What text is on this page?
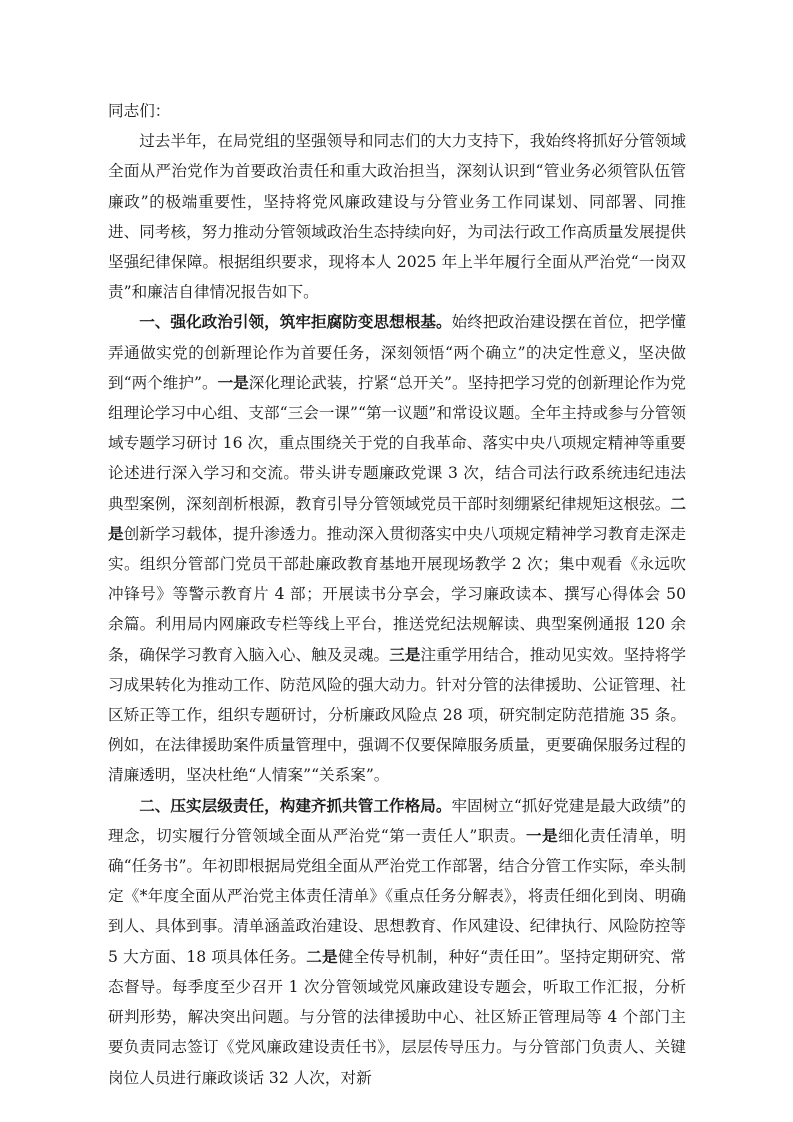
同志们：

过去半年，在局党组的坚强领导和同志们的大力支持下，我始终将抓好分管领域全面从严治党作为首要政治责任和重大政治担当，深刻认识到“管业务必须管队伍管廉政”的极端重要性，坚持将党风廉政建设与分管业务工作同谋划、同部署、同推进、同考核，努力推动分管领域政治生态持续向好，为司法行政工作高质量发展提供坚强纪律保障。根据组织要求，现将本人 2025 年上半年履行全面从严治党“一岗双责”和廉洁自律情况报告如下。

一、强化政治引领，筑牢拒腐防变思想根基。始终把政治建设摆在首位，把学懂弄通做实党的创新理论作为首要任务，深刻领悟“两个确立”的决定性意义，坚决做到“两个维护”。一是深化理论武装，拧紧“总开关”。坚持把学习党的创新理论作为党组理论学习中心组、支部“三会一课”“第一议题”和常设议题。全年主持或参与分管领域专题学习研讨 16 次，重点围绕关于党的自我革命、落实中央八项规定精神等重要论述进行深入学习和交流。带头讲专题廉政党课 3 次，结合司法行政系统违纪违法典型案例，深刻剖析根源，教育引导分管领域党员干部时刻绷紧纪律规矩这根弦。二是创新学习载体，提升渗透力。推动深入贯彻落实中央八项规定精神学习教育走深走实。组织分管部门党员干部赴廉政教育基地开展现场教学 2 次；集中观看《永远吹冲锋号》等警示教育片 4 部；开展读书分享会，学习廉政读本、撰写心得体会 50 余篇。利用局内网廉政专栏等线上平台，推送党纪法规解读、典型案例通报 120 余条，确保学习教育入脑入心、触及灵魂。三是注重学用结合，推动见实效。坚持将学习成果转化为推动工作、防范风险的强大动力。针对分管的法律援助、公证管理、社区矫正等工作，组织专题研讨，分析廉政风险点 28 项，研究制定防范措施 35 条。例如，在法律援助案件质量管理中，强调不仅要保障服务质量，更要确保服务过程的清廉透明，坚决杜绝“人情案”“关系案”。

二、压实层级责任，构建齐抓共管工作格局。牢固树立“抓好党建是最大政绩”的理念，切实履行分管领域全面从严治党“第一责任人”职责。一是细化责任清单，明确“任务书”。年初即根据局党组全面从严治党工作部署，结合分管工作实际，牵头制定《*年度全面从严治党主体责任清单》《重点任务分解表》，将责任细化到岗、明确到人、具体到事。清单涵盖政治建设、思想教育、作风建设、纪律执行、风险防控等 5 大方面、18 项具体任务。二是健全传导机制，种好“责任田”。坚持定期研究、常态督导。每季度至少召开 1 次分管领域党风廉政建设专题会，听取工作汇报，分析研判形势，解决突出问题。与分管的法律援助中心、社区矫正管理局等 4 个部门主要负责同志签订《党风廉政建设责任书》，层层传导压力。与分管部门负责人、关键岗位人员进行廉政谈话 32 人次，对新
